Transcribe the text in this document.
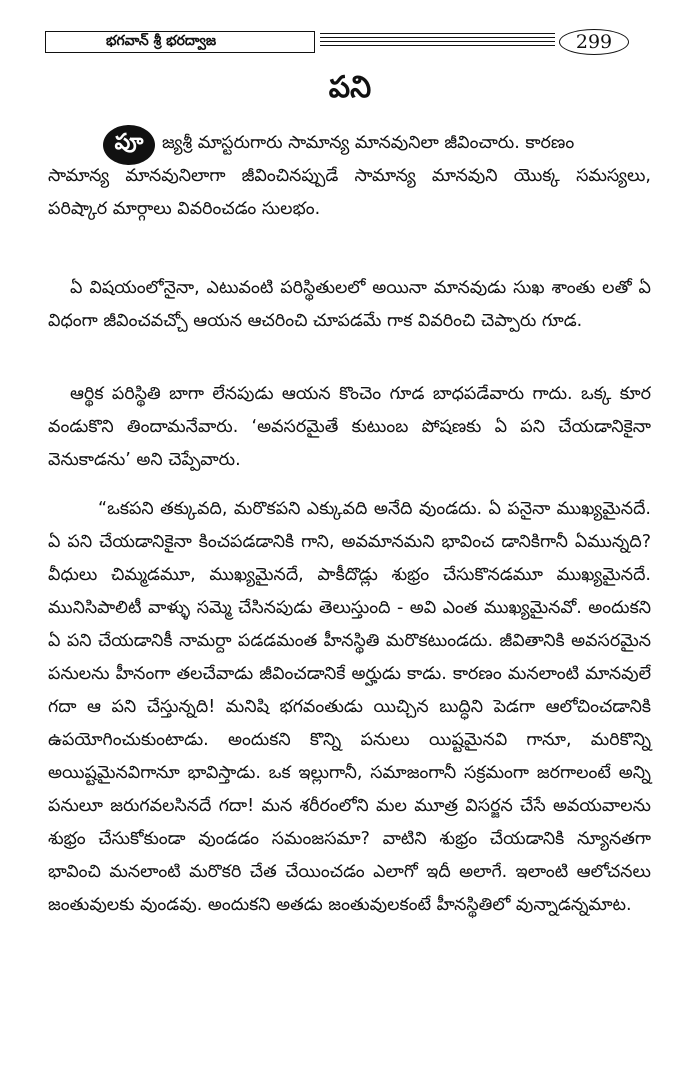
భగవాన్ శ్రీ భరద్వాజ	299
పని
పూ	జ్యశ్రీ మాస్టరుగారు సామాన్య మానవునిలా జీవించారు. కారణం
సామాన్య మానవునిలాగా జీవించినప్పుడే సామాన్య మానవుని యొక్క సమస్యలు, పరిష్కార మార్గాలు వివరించడం సులభం.
ఏ విషయంలోనైనా, ఎటువంటి పరిస్థితులలో అయినా మానవుడు సుఖ శాంతు లతో ఏ విధంగా జీవించవచ్చో ఆయన ఆచరించి చూపడమే గాక వివరించి చెప్పారు గూడ.
ఆర్థిక పరిస్థితి బాగా లేనపుడు ఆయన కొంచెం గూడ బాధపడేవారు గాదు. ఒక్క కూర వండుకొని తిందామనేవారు. ‘అవసరమైతే కుటుంబ పోషణకు ఏ పని చేయడానికైనా వెనుకాడను’ అని చెప్పేవారు.
“ఒకపని తక్కువది, మరొకపని ఎక్కువది అనేది వుండదు. ఏ పనైనా ముఖ్యమైనదే. ఏ పని చేయడానికైనా కించపడడానికి గాని, అవమానమని భావించ డానికిగానీ ఏమున్నది? వీధులు చిమ్మడమూ, ముఖ్యమైనదే, పాకీదొడ్లు శుభ్రం చేసుకొనడమూ ముఖ్యమైనదే. మునిసిపాలిటీ వాళ్ళు సమ్మె చేసినపుడు తెలుస్తుంది - అవి ఎంత ముఖ్యమైనవో. అందుకని ఏ పని చేయడానికీ నామర్దా పడడమంత హీనస్థితి మరొకటుండదు. జీవితానికి అవసరమైన పనులను హీనంగా తలచేవాడు జీవించడానికే అర్హుడు కాడు. కారణం మనలాంటి మానవులే గదా ఆ పని చేస్తున్నది! మనిషి భగవంతుడు యిచ్చిన బుద్ధిని పెడగా ఆలోచించడానికి ఉపయోగించుకుంటాడు. అందుకని కొన్ని పనులు యిష్టమైనవి గానూ, మరికొన్ని అయిష్టమైనవిగానూ భావిస్తాడు. ఒక ఇల్లుగానీ, సమాజంగానీ సక్రమంగా జరగాలంటే అన్ని పనులూ జరుగవలసినదే గదా! మన శరీరంలోని మల మూత్ర విసర్జన చేసే అవయవాలను శుభ్రం చేసుకోకుండా వుండడం సమంజసమా? వాటిని శుభ్రం చేయడానికి న్యూనతగా భావించి మనలాంటి మరొకరి చేత చేయించడం ఎలాగో ఇదీ అలాగే. ఇలాంటి ఆలోచనలు జంతువులకు వుండవు. అందుకని అతడు జంతువులకంటే హీనస్థితిలో వున్నాడన్నమాట.
